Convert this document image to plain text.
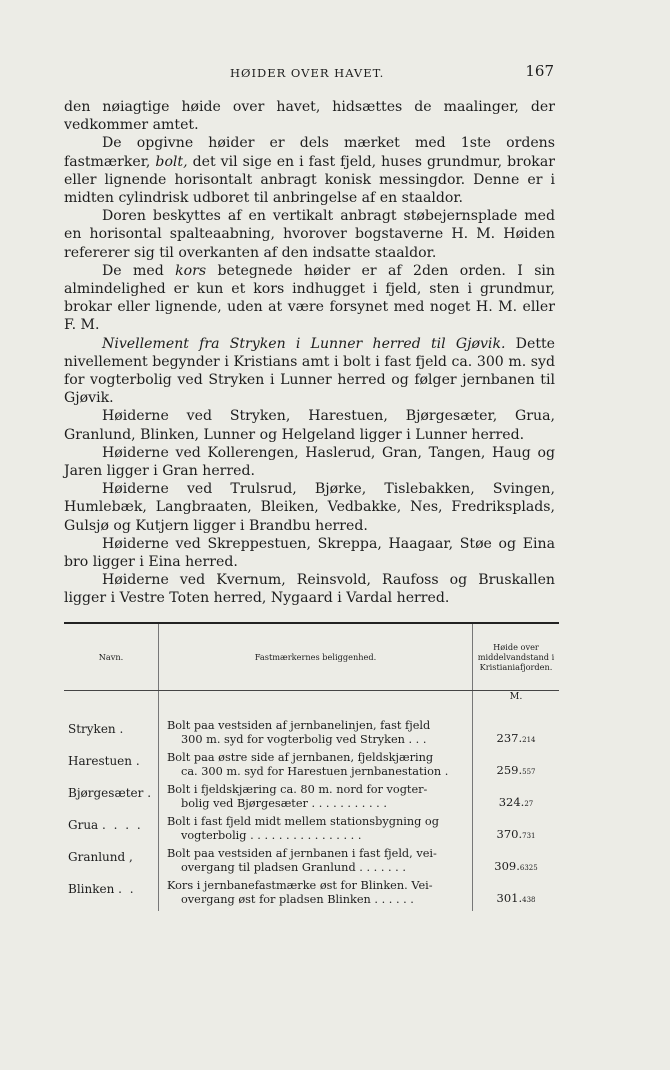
HØIDER OVER HAVET.	167

den nøiagtige høide over havet, hidsættes de maalinger, der vedkommer amtet.

De opgivne høider er dels mærket med 1ste ordens fastmærker, bolt, det vil sige en i fast fjeld, huses grundmur, brokar eller lignende horisontalt anbragt konisk messingdor. Denne er i midten cylindrisk udboret til anbringelse af en staaldor.

Doren beskyttes af en vertikalt anbragt støbejernsplade med en horisontal spalteaabning, hvorover bogstaverne H. M. Høiden refererer sig til overkanten af den indsatte staaldor.

De med kors betegnede høider er af 2den orden. I sin almindelighed er kun et kors indhugget i fjeld, sten i grundmur, brokar eller lignende, uden at være forsynet med noget H. M. eller F. M.

Nivellement fra Stryken i Lunner herred til Gjøvik. Dette nivellement begynder i Kristians amt i bolt i fast fjeld ca. 300 m. syd for vogterbolig ved Stryken i Lunner herred og følger jernbanen til Gjøvik.

Høiderne ved Stryken, Harestuen, Bjørgesæter, Grua, Granlund, Blinken, Lunner og Helgeland ligger i Lunner herred.

Høiderne ved Kollerengen, Haslerud, Gran, Tangen, Haug og Jaren ligger i Gran herred.

Høiderne ved Trulsrud, Bjørke, Tislebakken, Svingen, Humlebæk, Langbraaten, Bleiken, Vedbakke, Nes, Fredriksplads, Gulsjø og Kutjern ligger i Brandbu herred.

Høiderne ved Skreppestuen, Skreppa, Haagaar, Støe og Eina bro ligger i Eina herred.

Høiderne ved Kvernum, Reinsvold, Raufoss og Bruskallen ligger i Vestre Toten herred, Nygaard i Vardal herred.

Navn.	Fastmærkernes beliggenhed.	Høide over middelvandstand i Kristianiafjorden.
		M.
Stryken .	Bolt paa vestsiden af jernbanelinjen, fast fjeld
300 m. syd for vogterbolig ved Stryken . . .	237.214
Harestuen .	Bolt paa østre side af jernbanen, fjeldskjæring
ca. 300 m. syd for Harestuen jernbanestation .	259.557
Bjørgesæter .	Bolt i fjeldskjæring ca. 80 m. nord for vogter-
bolig ved Bjørgesæter . . . . . . . . . . .	324.27
Grua . . . .	Bolt i fast fjeld midt mellem stationsbygning og
vogterbolig . . . . . . . . . . . . . . . .	370.731
Granlund ,	Bolt paa vestsiden af jernbanen i fast fjeld, vei-
overgang til pladsen Granlund . . . . . . .	309.6325
Blinken . .	Kors i jernbanefastmærke øst for Blinken. Vei-
overgang øst for pladsen Blinken . . . . . .	301.438
